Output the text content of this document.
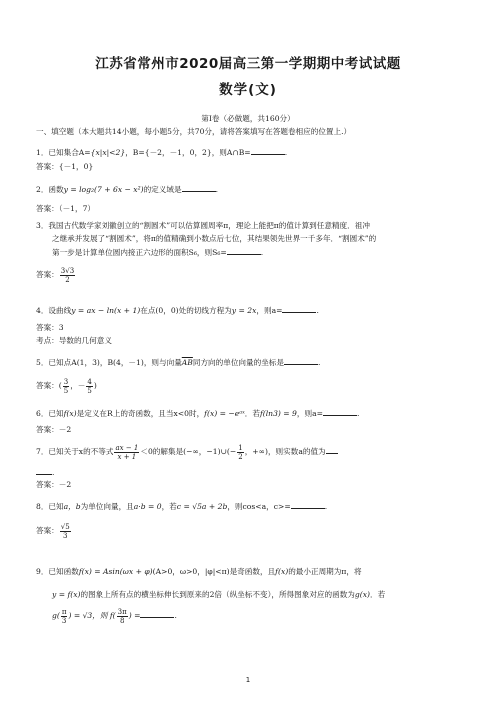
江苏省常州市2020届高三第一学期期中考试试题
数学(文)
第Ⅰ卷（必做题，共160分）
一、填空题（本大题共14小题，每小题5分，共70分，请将答案填写在答题卷相应的位置上.）
1．已知集合A={x|x|<2}，B={－2，－1，0，2}，则A∩B=	.
答案：{－1，0}
2．函数y = log₂(7 + 6x − x²)的定义域是	.
答案：（－1，7）
3．我国古代数学家刘徽创立的“割圆术”可以估算圆周率π，理论上能把π的值计算到任意精度．祖冲
之继承并发展了“割圆术”，将π的值精确到小数点后七位，其结果领先世界一千多年．“割圆术”的
第一步是计算单位圆内接正六边形的面积S₆，则S₆=	.
答案： $\frac{3√3}{2}$
4．设曲线y = ax − ln(x + 1)在点(0，0)处的切线方程为y = 2x，则a=	.
答案：3
考点：导数的几何意义
5．已知点A(1，3)，B(4，－1)，则与向量$\overline{AB}$同方向的单位向量的坐标是	.
答案：( $\frac{3}{5}$ ，－ $\frac{4}{5}$ )
6．已知f(x)是定义在R上的奇函数，且当x<0时，f(x) = −eᵃˣ．若f(ln3) = 9，则a=	.
答案：－2
7．已知关于x的不等式 $\frac{ax - 1}{x + 1} <0$的解集是(−∞，−1)∪(− $\frac{1}{2}$ ，+∞)，则实数a的值为
.
答案：－2
8．已知a，b为单位向量，且a·b = 0，若c = √5a + 2b，则cos<a，c>=	.
答案： $\frac{√5}{3}$
9．已知函数f(x) = Asin(ωx + φ)(A>0，ω>0，|φ|<π)是奇函数，且f(x)的最小正周期为π，将
y = f(x)的图象上所有点的横坐标伸长到原来的2倍（纵坐标不变），所得图象对应的函数为g(x)．若
$g( \frac{\pi}{3}$ ) = √3，则 $f( \frac{3\pi}{8}$ ) =	.
1
